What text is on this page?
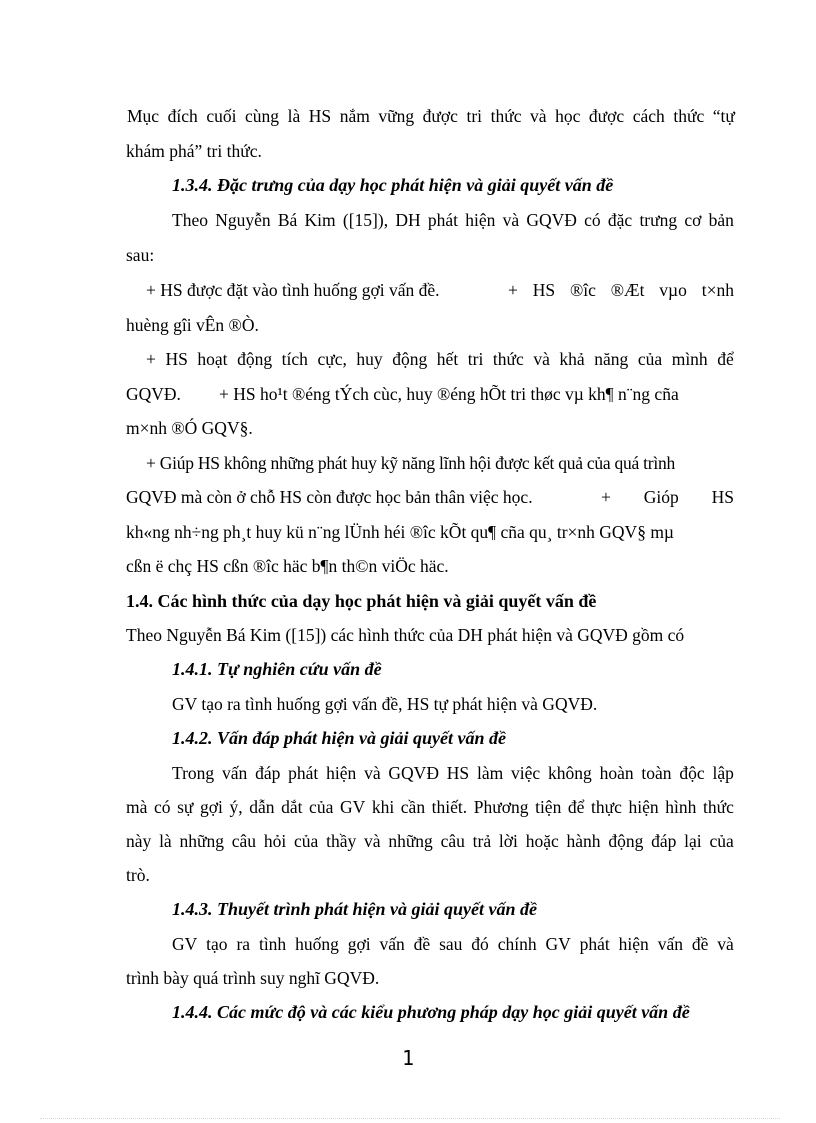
Mục đích cuối cùng là HS nắm vững được tri thức và học được cách thức “tự
khám phá” tri thức.
1.3.4. Đặc trưng của dạy học phát hiện và giải quyết vấn đề
Theo Nguyễn Bá Kim ([15]), DH phát hiện và GQVĐ có đặc trưng cơ bản
sau:
+ HS được đặt vào tình huống gợi vấn đề.	+ HS ®îc ®Æt vµo t×nh
huèng gîi vÊn ®Ò.
+ HS hoạt động tích cực, huy động hết tri thức và khả năng của mình để
GQVĐ. + HS ho¹t ®éng tÝch cùc, huy ®éng hÕt tri thøc vµ kh¶ n¨ng cña
m×nh ®Ó GQV§.
+ Giúp HS không những phát huy kỹ năng lĩnh hội được kết quả của quá trình
GQVĐ mà còn ở chỗ HS còn được học bản thân việc học.	+ Gióp HS
kh«ng nh÷ng ph¸t huy kü n¨ng lÜnh héi ®îc kÕt qu¶ cña qu¸ tr×nh GQV§ mµ
cßn ë chç HS cßn ®îc häc b¶n th©n viÖc häc.
1.4. Các hình thức của dạy học phát hiện và giải quyết vấn đề
Theo Nguyễn Bá Kim ([15]) các hình thức của DH phát hiện và GQVĐ gồm có
1.4.1. Tự nghiên cứu vấn đề
GV tạo ra tình huống gợi vấn đề, HS tự phát hiện và GQVĐ.
1.4.2. Vấn đáp phát hiện và giải quyết vấn đề
Trong vấn đáp phát hiện và GQVĐ HS làm việc không hoàn toàn độc lập
mà có sự gợi ý, dẫn dắt của GV khi cần thiết. Phương tiện để thực hiện hình thức
này là những câu hỏi của thầy và những câu trả lời hoặc hành động đáp lại của
trò.
1.4.3. Thuyết trình phát hiện và giải quyết vấn đề
GV tạo ra tình huống gợi vấn đề sau đó chính GV phát hiện vấn đề và
trình bày quá trình suy nghĩ GQVĐ.
1.4.4. Các mức độ và các kiểu phương pháp dạy học giải quyết vấn đề
1
